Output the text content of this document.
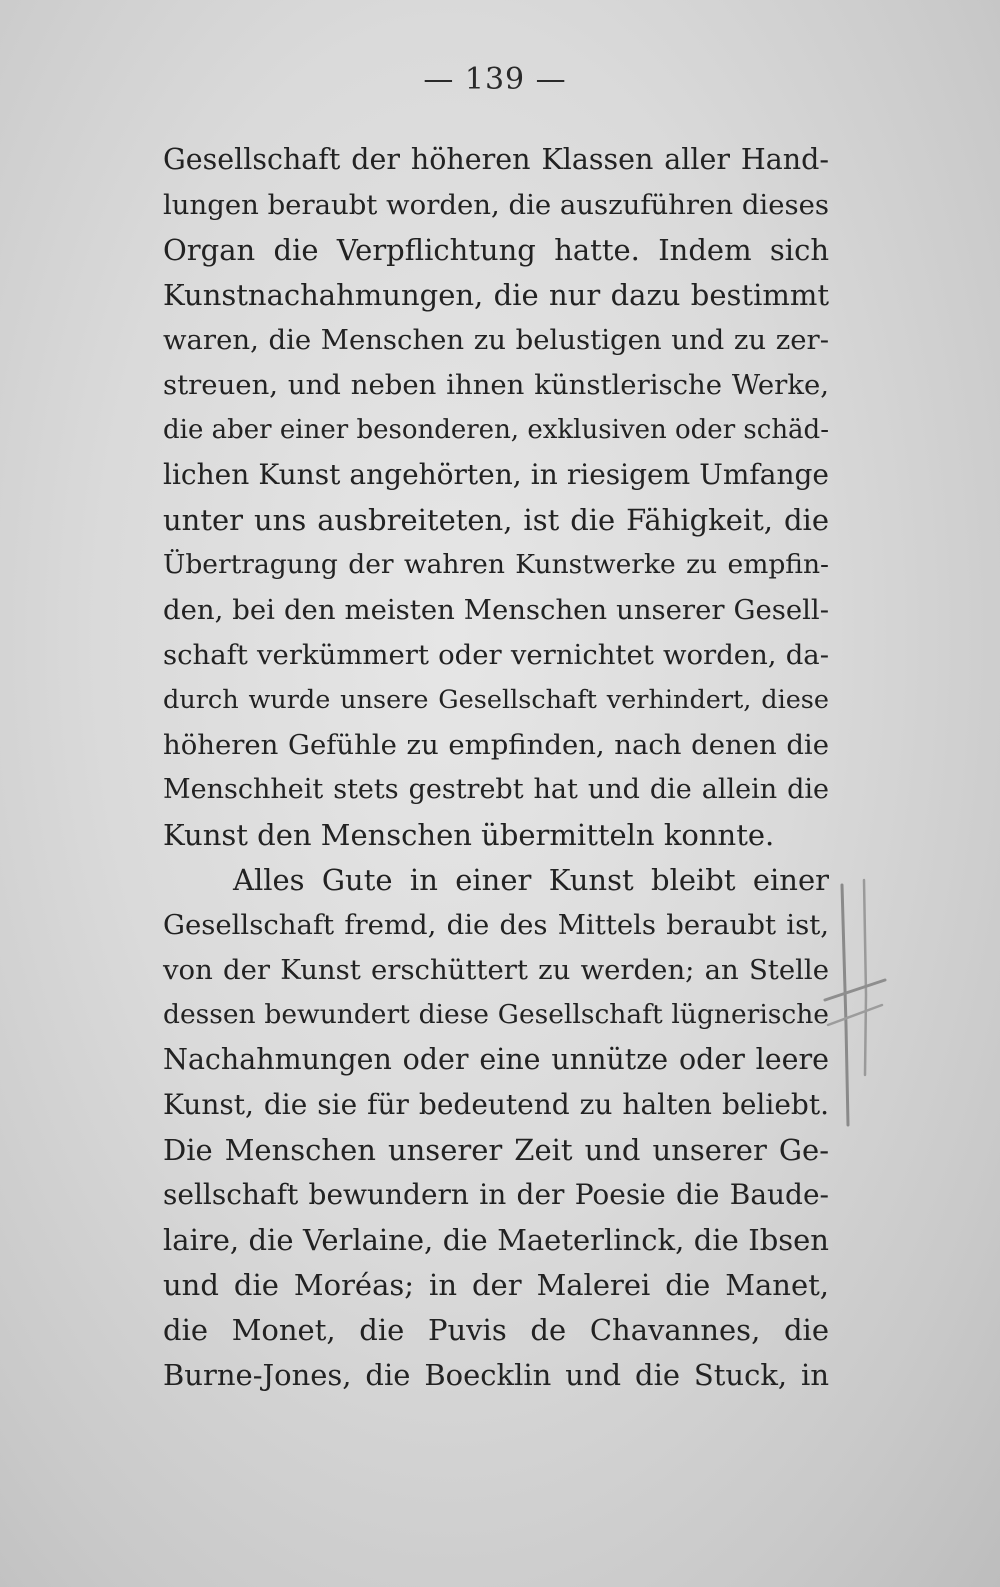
— 139 —
Gesellschaft der höheren Klassen aller Hand-
lungen beraubt worden, die auszuführen dieses
Organ die Verpflichtung hatte. Indem sich
Kunstnachahmungen, die nur dazu bestimmt
waren, die Menschen zu belustigen und zu zer-
streuen, und neben ihnen künstlerische Werke,
die aber einer besonderen, exklusiven oder schäd-
lichen Kunst angehörten, in riesigem Umfange
unter uns ausbreiteten, ist die Fähigkeit, die
Übertragung der wahren Kunstwerke zu empfin-
den, bei den meisten Menschen unserer Gesell-
schaft verkümmert oder vernichtet worden, da-
durch wurde unsere Gesellschaft verhindert, diese
höheren Gefühle zu empfinden, nach denen die
Menschheit stets gestrebt hat und die allein die
Kunst den Menschen übermitteln konnte.
Alles Gute in einer Kunst bleibt einer
Gesellschaft fremd, die des Mittels beraubt ist,
von der Kunst erschüttert zu werden; an Stelle
dessen bewundert diese Gesellschaft lügnerische
Nachahmungen oder eine unnütze oder leere
Kunst, die sie für bedeutend zu halten beliebt.
Die Menschen unserer Zeit und unserer Ge-
sellschaft bewundern in der Poesie die Baude-
laire, die Verlaine, die Maeterlinck, die Ibsen
und die Moréas; in der Malerei die Manet,
die Monet, die Puvis de Chavannes, die
Burne-Jones, die Boecklin und die Stuck, in
